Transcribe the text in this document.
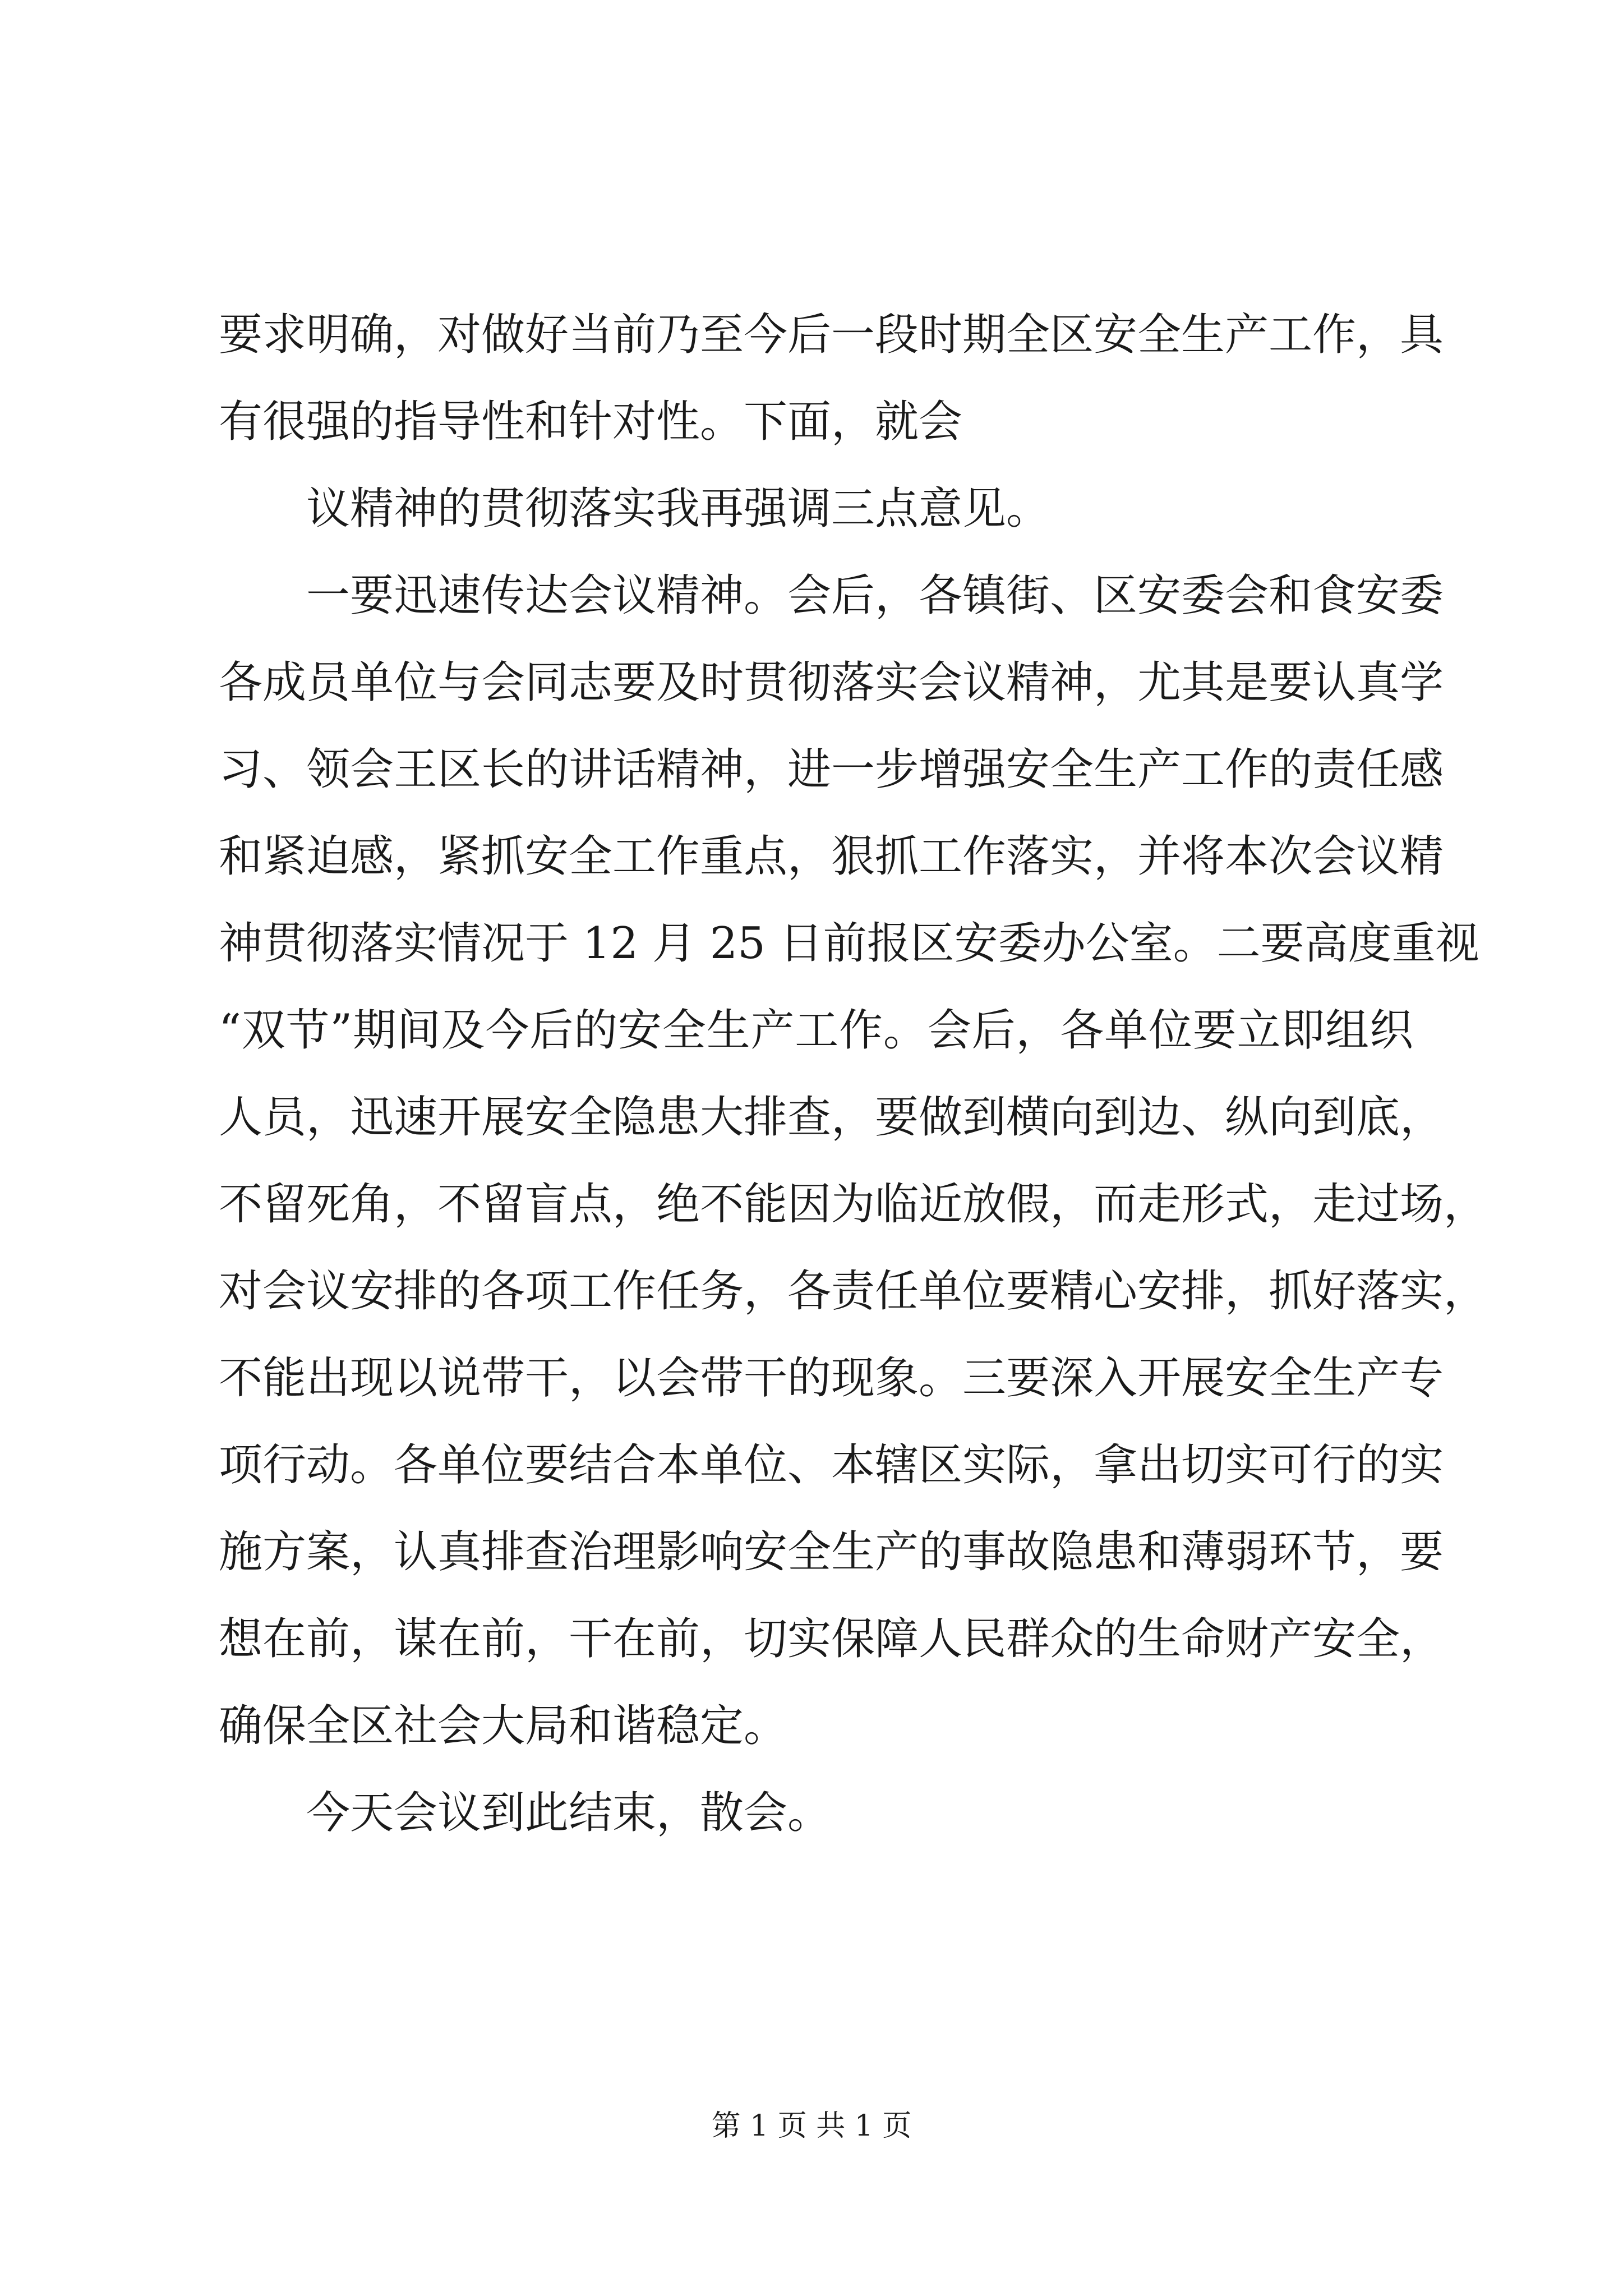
要求明确，对做好当前乃至今后一段时期全区安全生产工作，具
有很强的指导性和针对性。下面，就会
议精神的贯彻落实我再强调三点意见。
一要迅速传达会议精神。会后，各镇街、区安委会和食安委
各成员单位与会同志要及时贯彻落实会议精神，尤其是要认真学
习、领会王区长的讲话精神，进一步增强安全生产工作的责任感
和紧迫感，紧抓安全工作重点，狠抓工作落实，并将本次会议精
神贯彻落实情况于 12 月 25 日前报区安委办公室。二要高度重视
“双节”期间及今后的安全生产工作。会后，各单位要立即组织
人员，迅速开展安全隐患大排查，要做到横向到边、纵向到底，
不留死角，不留盲点，绝不能因为临近放假，而走形式，走过场，
对会议安排的各项工作任务，各责任单位要精心安排，抓好落实，
不能出现以说带干，以会带干的现象。三要深入开展安全生产专
项行动。各单位要结合本单位、本辖区实际，拿出切实可行的实
施方案，认真排查治理影响安全生产的事故隐患和薄弱环节，要
想在前，谋在前，干在前，切实保障人民群众的生命财产安全，
确保全区社会大局和谐稳定。
今天会议到此结束，散会。
第 1 页 共 1 页
